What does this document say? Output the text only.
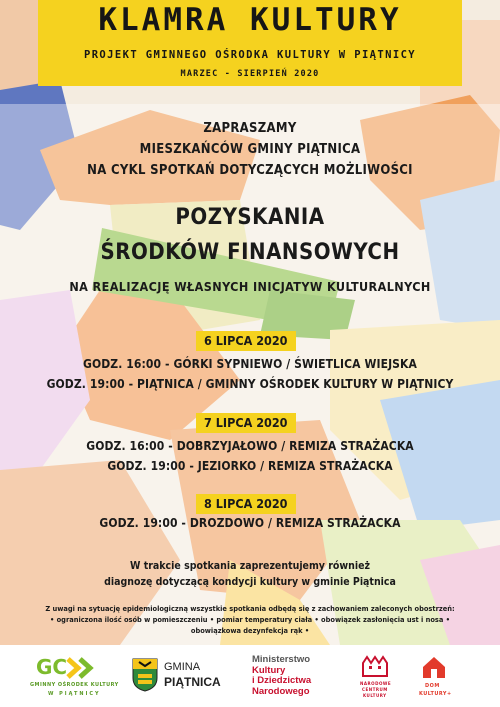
KLAMRA KULTURY
PROJEKT GMINNEGO OŚRODKA KULTURY W PIĄTNICY
MARZEC - SIERPIEŃ 2020
ZAPRASZAMY
MIESZKAŃCÓW GMINY PIĄTNICA
NA CYKL SPOTKAŃ DOTYCZĄCYCH MOŻLIWOŚCI
POZYSKANIA
ŚRODKÓW FINANSOWYCH
NA REALIZACJĘ WŁASNYCH INICJATYW KULTURALNYCH
6 LIPCA 2020
GODZ. 16:00 - GÓRKI SYPNIEWO / ŚWIETLICA WIEJSKA
GODZ. 19:00 - PIĄTNICA / GMINNY OŚRODEK KULTURY W PIĄTNICY
7 LIPCA 2020
GODZ. 16:00 - DOBRZYJAŁOWO / REMIZA STRAŻACKA
GODZ. 19:00 - JEZIORKO / REMIZA STRAŻACKA
8 LIPCA 2020
GODZ. 19:00 - DROZDOWO / REMIZA STRAŻACKA
W trakcie spotkania zaprezentujemy również
diagnozę dotyczącą kondycji kultury w gminie Piątnica
Z uwagi na sytuację epidemiologiczną wszystkie spotkania odbędą się z zachowaniem zaleconych obostrzeń:
• ograniczona ilość osób w pomieszczeniu • pomiar temperatury ciała • obowiązek zasłonięcia ust i nosa •
obowiązkowa dezynfekcja rąk •
GC
GMINNY OŚRODEK KULTURY
W PIĄTNICY
GMINA
PIĄTNICA
Ministerstwo
Kultury
i Dziedzictwa
Narodowego
NARODOWE
CENTRUM
KULTURY
DOM
KULTURY+
